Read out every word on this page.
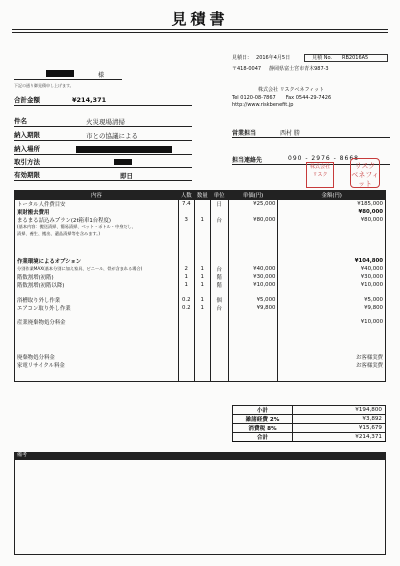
見積書
見積日： 2016年4月5日	見積 No. RB2016A5
様
下記の通り御見積申し上げます。
〒418-0047 静岡県富士宮市青木987-3
株式会社 リスクベネフィット
Tel 0120-08-7867 Fax 0544-29-7426
http://www.riskbenefit.jp
合計金額	¥214,371
件名	火災現場清掃
納入期限	市との協議による
納入場所
取引方法
有効期限	即日
営業担当	西村 勝
担当連絡先	090 - 2976 - 8668
株式会社 リスク
リスク ベネフィット
内容	人数	数量	単位	単価(円)	金額(円)
トータル人件費目安	7.4		日	¥25,000	¥185,000
東財搬去費用					¥80,000
まるまる詰込みプラン(2t箱車1台程度)	3	1	台	¥80,000	¥80,000
(基本内容：搬送清掃、簡易清掃、ベット・ポトル・中身だし、					
清掃、養生、搬出、遺品清掃等を含みます。)					

作業環境によるオプション					¥104,800
分別作業MAX(基本分別に加え家具、ビニール、骨が含まれる場合)	2	1	台	¥40,000	¥40,000
階数割増(初階)	1	1	階	¥30,000	¥30,000
階数割増(初階以降)	1	1	階	¥10,000	¥10,000

浴槽取り外し作業	0.2	1	個	¥5,000	¥5,000
エアコン取り外し作業	0.2	1	台	¥9,800	¥9,800

産業廃棄物処分料金					¥10,000

廃棄物処分料金					お客様実費
家電リサイクル料金					お客様実費

小計	¥194,800
雑諸経費 2%	¥3,892
消費税 8%	¥15,679
合計	¥214,371
備考
